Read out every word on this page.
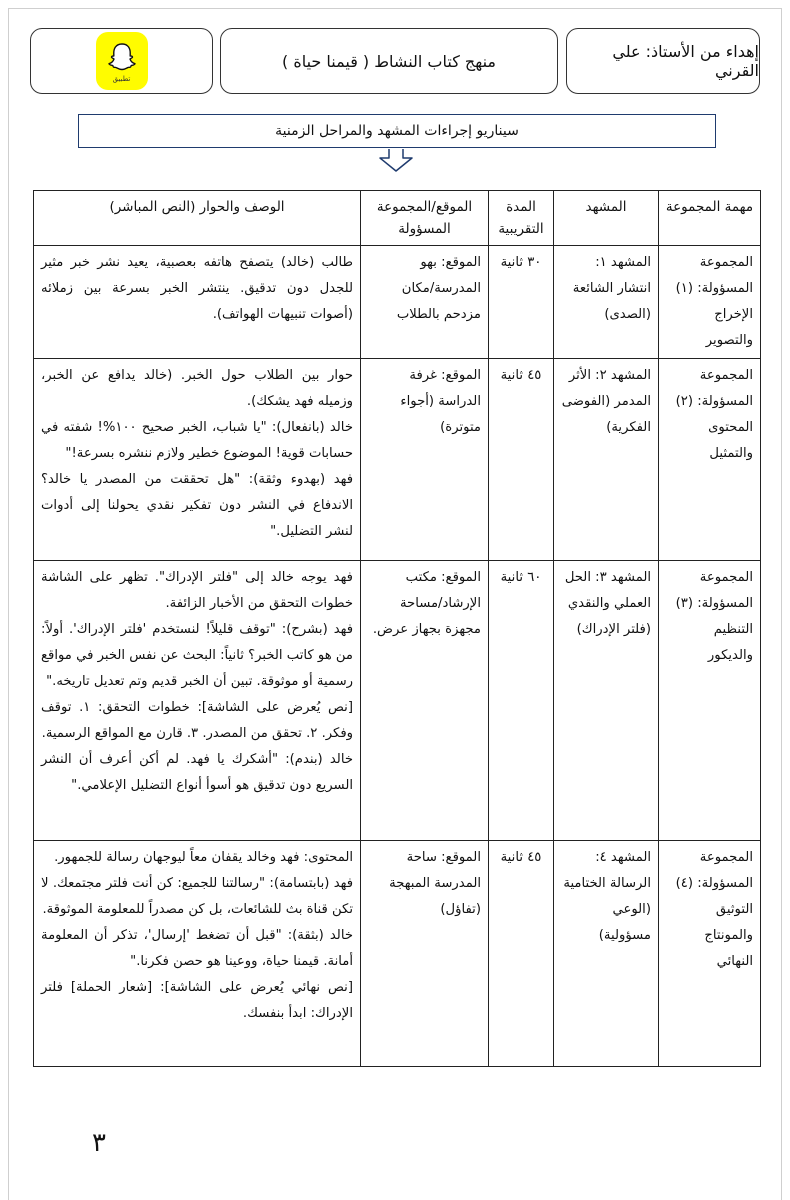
إهداء من الأستاذ: علي القرني
منهج كتاب النشاط ( قيمنا حياة )
تطبيق
سيناريو إجراءات المشهد والمراحل الزمنية
مهمة المجموعة	المشهد	المدة التقريبية	الموقع/المجموعة المسؤولة	الوصف والحوار (النص المباشر)
المجموعة المسؤولة: (١) الإخراج والتصوير	المشهد ١: انتشار الشائعة (الصدى)	٣٠ ثانية	الموقع: بهو المدرسة/مكان مزدحم بالطلاب	طالب (خالد) يتصفح هاتفه بعصبية، يعيد نشر خبر مثير للجدل دون تدقيق. ينتشر الخبر بسرعة بين زملائه (أصوات تنبيهات الهواتف).

المجموعة المسؤولة: (٢) المحتوى والتمثيل	المشهد ٢: الأثر المدمر (الفوضى الفكرية)	٤٥ ثانية	الموقع: غرفة الدراسة (أجواء متوترة)	حوار بين الطلاب حول الخبر. (خالد يدافع عن الخبر، وزميله فهد يشكك).
خالد (بانفعال): "يا شباب، الخبر صحيح ١٠٠%! شفته في حسابات قوية! الموضوع خطير ولازم ننشره بسرعة!"
فهد (بهدوء وثقة): "هل تحققت من المصدر يا خالد؟ الاندفاع في النشر دون تفكير نقدي يحولنا إلى أدوات لنشر التضليل."

المجموعة المسؤولة: (٣) التنظيم والديكور	المشهد ٣: الحل العملي والنقدي (فلتر الإدراك)	٦٠ ثانية	الموقع: مكتب الإرشاد/مساحة مجهزة بجهاز عرض.	فهد يوجه خالد إلى "فلتر الإدراك". تظهر على الشاشة خطوات التحقق من الأخبار الزائفة.
فهد (بشرح): "توقف قليلاً! لنستخدم 'فلتر الإدراك'. أولاً: من هو كاتب الخبر؟ ثانياً: البحث عن نفس الخبر في مواقع رسمية أو موثوقة. تبين أن الخبر قديم وتم تعديل تاريخه."
[نص يُعرض على الشاشة]: خطوات التحقق: ١. توقف وفكر. ٢. تحقق من المصدر. ٣. قارن مع المواقع الرسمية.
خالد (بندم): "أشكرك يا فهد. لم أكن أعرف أن النشر السريع دون تدقيق هو أسوأ أنواع التضليل الإعلامي."

المجموعة المسؤولة: (٤) التوثيق والمونتاج النهائي	المشهد ٤: الرسالة الختامية (الوعي مسؤولية)	٤٥ ثانية	الموقع: ساحة المدرسة المبهجة (تفاؤل)	المحتوى: فهد وخالد يقفان معاً ليوجهان رسالة للجمهور.
فهد (بابتسامة): "رسالتنا للجميع: كن أنت فلتر مجتمعك. لا تكن قناة بث للشائعات، بل كن مصدراً للمعلومة الموثوقة.
خالد (بثقة): "قبل أن تضغط 'إرسال'، تذكر أن المعلومة أمانة. قيمنا حياة، ووعينا هو حصن فكرنا."
[نص نهائي يُعرض على الشاشة]: [شعار الحملة] فلتر الإدراك: ابدأ بنفسك.
٣
